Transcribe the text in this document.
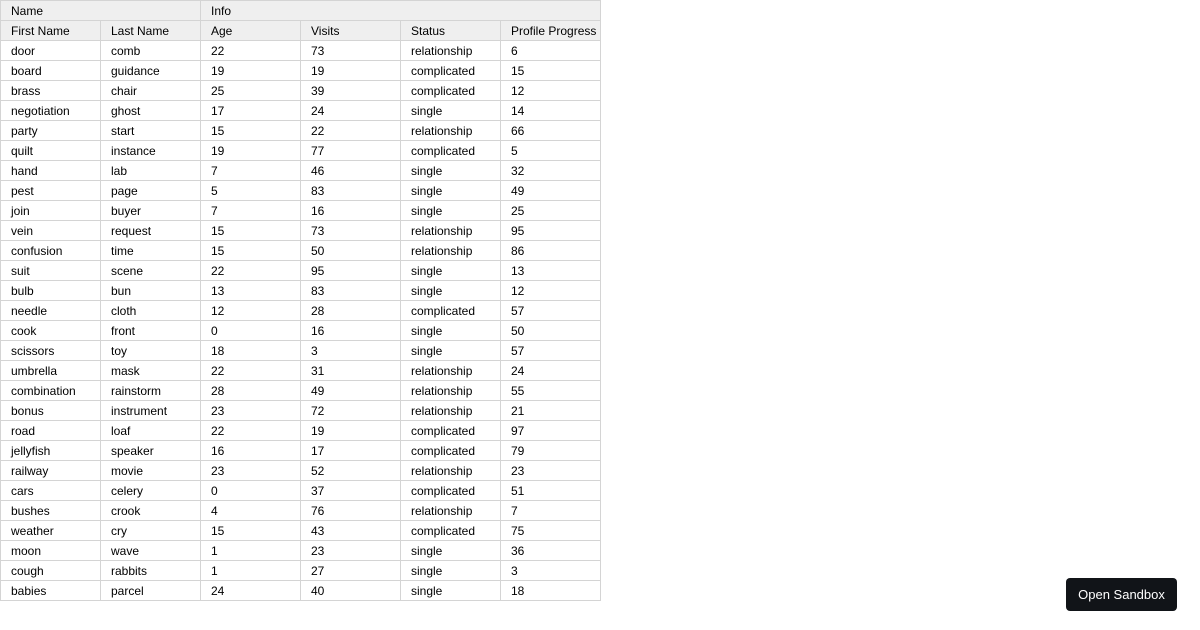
Name		Info			
First Name	Last Name	Age	Visits	Status	Profile Progress
door	comb	22	73	relationship	6
board	guidance	19	19	complicated	15
brass	chair	25	39	complicated	12
negotiation	ghost	17	24	single	14
party	start	15	22	relationship	66
quilt	instance	19	77	complicated	5
hand	lab	7	46	single	32
pest	page	5	83	single	49
join	buyer	7	16	single	25
vein	request	15	73	relationship	95
confusion	time	15	50	relationship	86
suit	scene	22	95	single	13
bulb	bun	13	83	single	12
needle	cloth	12	28	complicated	57
cook	front	0	16	single	50
scissors	toy	18	3	single	57
umbrella	mask	22	31	relationship	24
combination	rainstorm	28	49	relationship	55
bonus	instrument	23	72	relationship	21
road	loaf	22	19	complicated	97
jellyfish	speaker	16	17	complicated	79
railway	movie	23	52	relationship	23
cars	celery	0	37	complicated	51
bushes	crook	4	76	relationship	7
weather	cry	15	43	complicated	75
moon	wave	1	23	single	36
cough	rabbits	1	27	single	3
babies	parcel	24	40	single	18	Open Sandbox
